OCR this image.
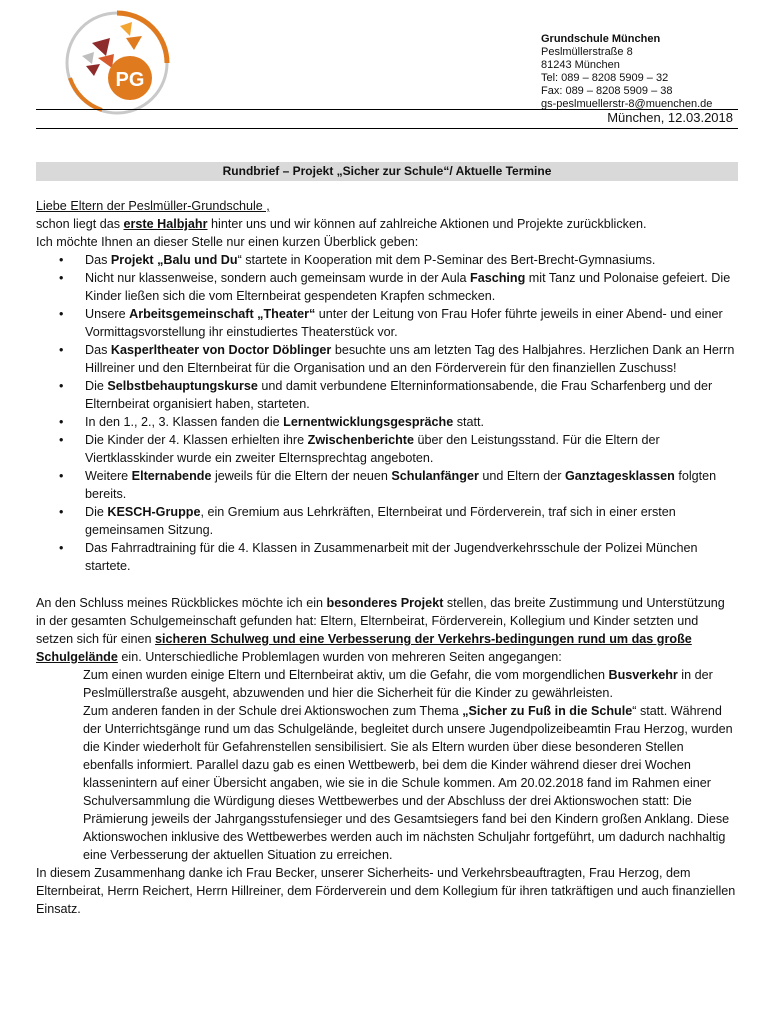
PG
Grundschule München
Peslmüllerstraße 8
81243 München
Tel: 089 – 8208 5909 – 32
Fax: 089 – 8208 5909 – 38
gs-peslmuellerstr-8@muenchen.de
München, 12.03.2018
Rundbrief – Projekt „Sicher zur Schule“/ Aktuelle Termine

Liebe Eltern der Peslmüller-Grundschule ,

schon liegt das erste Halbjahr hinter uns und wir können auf zahlreiche Aktionen und Projekte zurückblicken.
Ich möchte Ihnen an dieser Stelle nur einen kurzen Überblick geben:

• Das Projekt „Balu und Du“ startete in Kooperation mit dem P-Seminar des Bert-Brecht-Gymnasiums.
• Nicht nur klassenweise, sondern auch gemeinsam wurde in der Aula Fasching mit Tanz und Polonaise gefeiert. Die Kinder ließen sich die vom Elternbeirat gespendeten Krapfen schmecken.
• Unsere Arbeitsgemeinschaft „Theater“ unter der Leitung von Frau Hofer führte jeweils in einer Abend- und einer Vormittagsvorstellung ihr einstudiertes Theaterstück vor.
• Das Kasperltheater von Doctor Döblinger besuchte uns am letzten Tag des Halbjahres. Herzlichen Dank an Herrn Hillreiner und den Elternbeirat für die Organisation und an den Förderverein für den finanziellen Zuschuss!
• Die Selbstbehauptungskurse und damit verbundene Elterninformationsabende, die Frau Scharfenberg und der Elternbeirat organisiert haben, starteten.
• In den 1., 2., 3. Klassen fanden die Lernentwicklungsgespräche statt.
• Die Kinder der 4. Klassen erhielten ihre Zwischenberichte über den Leistungsstand. Für die Eltern der Viertklasskinder wurde ein zweiter Elternsprechtag angeboten.
• Weitere Elternabende jeweils für die Eltern der neuen Schulanfänger und Eltern der Ganztagesklassen folgten bereits.
• Die KESCH-Gruppe, ein Gremium aus Lehrkräften, Elternbeirat und Förderverein, traf sich in einer ersten gemeinsamen Sitzung.
• Das Fahrradtraining für die 4. Klassen in Zusammenarbeit mit der Jugendverkehrsschule der Polizei München startete.

An den Schluss meines Rückblickes möchte ich ein besonderes Projekt stellen, das breite Zustimmung und Unterstützung in der gesamten Schulgemeinschaft gefunden hat: Eltern, Elternbeirat, Förderverein, Kollegium und Kinder setzten und setzen sich für einen sicheren Schulweg und eine Verbesserung der Verkehrs-bedingungen rund um das große Schulgelände ein. Unterschiedliche Problemlagen wurden von mehreren Seiten angegangen:

Zum einen wurden einige Eltern und Elternbeirat aktiv, um die Gefahr, die vom morgendlichen Busverkehr in der Peslmüllerstraße ausgeht, abzuwenden und hier die Sicherheit für die Kinder zu gewährleisten.

Zum anderen fanden in der Schule drei Aktionswochen zum Thema „Sicher zu Fuß in die Schule“ statt. Während der Unterrichtsgänge rund um das Schulgelände, begleitet durch unsere Jugendpolizeibeamtin Frau Herzog, wurden die Kinder wiederholt für Gefahrenstellen sensibilisiert. Sie als Eltern wurden über diese besonderen Stellen ebenfalls informiert. Parallel dazu gab es einen Wettbewerb, bei dem die Kinder während dieser drei Wochen klassenintern auf einer Übersicht angaben, wie sie in die Schule kommen. Am 20.02.2018 fand im Rahmen einer Schulversammlung die Würdigung dieses Wettbewerbes und der Abschluss der drei Aktionswochen statt: Die Prämierung jeweils der Jahrgangsstufensieger und des Gesamtsiegers fand bei den Kindern großen Anklang. Diese Aktionswochen inklusive des Wettbewerbes werden auch im nächsten Schuljahr fortgeführt, um dadurch nachhaltig eine Verbesserung der aktuellen Situation zu erreichen.

In diesem Zusammenhang danke ich Frau Becker, unserer Sicherheits- und Verkehrsbeauftragten, Frau Herzog, dem Elternbeirat, Herrn Reichert, Herrn Hillreiner, dem Förderverein und dem Kollegium für ihren tatkräftigen und auch finanziellen Einsatz.
